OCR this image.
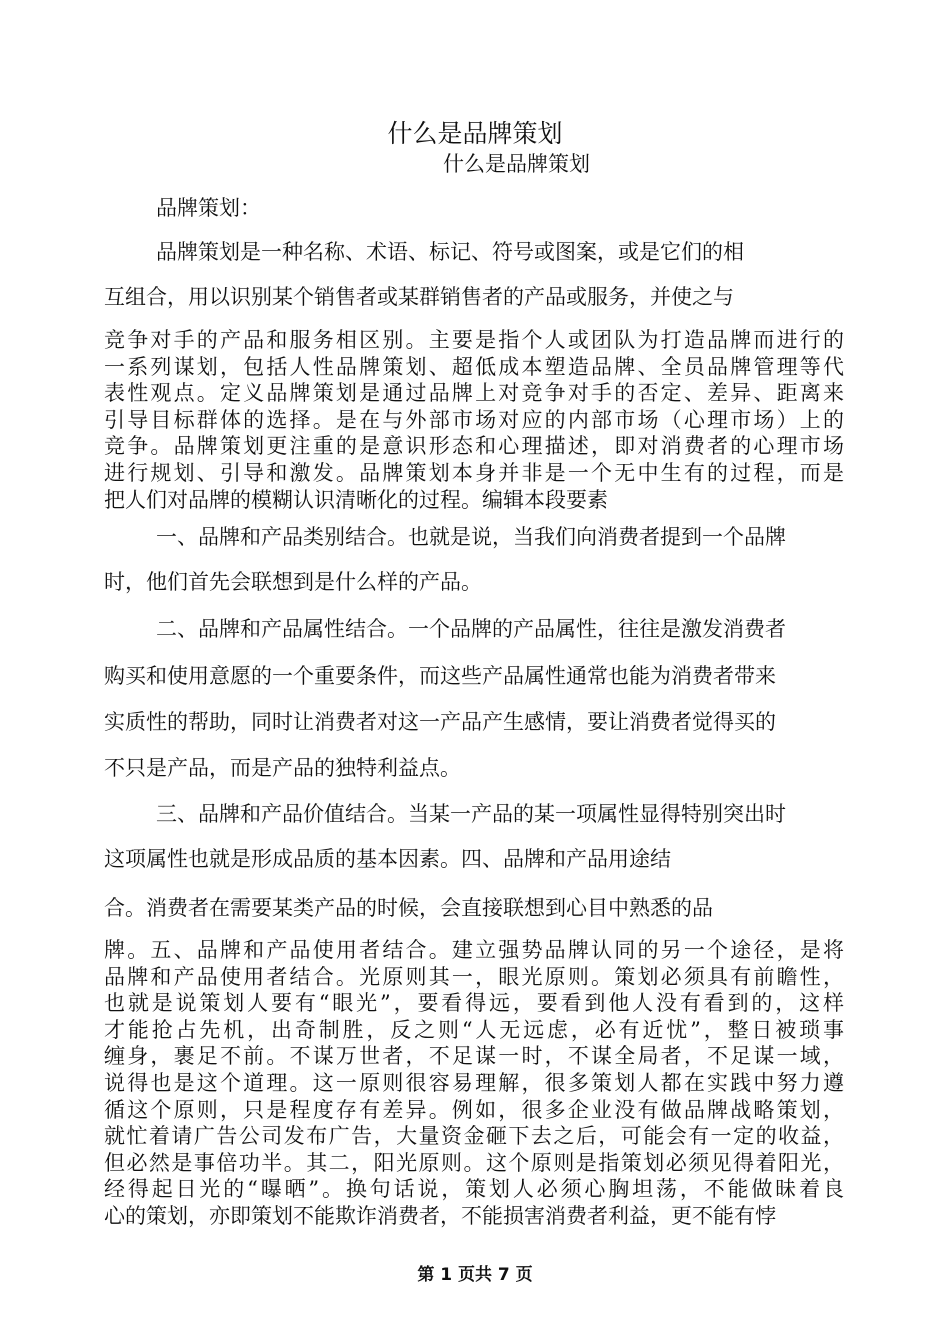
什么是品牌策划
什么是品牌策划
品牌策划：
品牌策划是一种名称、术语、标记、符号或图案，或是它们的相
互组合，用以识别某个销售者或某群销售者的产品或服务，并使之与
竞争对手的产品和服务相区别。主要是指个人或团队为打造品牌而进行的
一系列谋划，包括人性品牌策划、超低成本塑造品牌、全员品牌管理等代
表性观点。定义品牌策划是通过品牌上对竞争对手的否定、差异、距离来
引导目标群体的选择。是在与外部市场对应的内部市场（心理市场）上的
竞争。品牌策划更注重的是意识形态和心理描述，即对消费者的心理市场
进行规划、引导和激发。品牌策划本身并非是一个无中生有的过程，而是
把人们对品牌的模糊认识清晰化的过程。编辑本段要素
一、品牌和产品类别结合。也就是说，当我们向消费者提到一个品牌
时，他们首先会联想到是什么样的产品。
二、品牌和产品属性结合。一个品牌的产品属性，往往是激发消费者
购买和使用意愿的一个重要条件，而这些产品属性通常也能为消费者带来
实质性的帮助，同时让消费者对这一产品产生感情，要让消费者觉得买的
不只是产品，而是产品的独特利益点。
三、品牌和产品价值结合。当某一产品的某一项属性显得特别突出时
这项属性也就是形成品质的基本因素。四、品牌和产品用途结
合。消费者在需要某类产品的时候，会直接联想到心目中熟悉的品
牌。五、品牌和产品使用者结合。建立强势品牌认同的另一个途径，是将
品牌和产品使用者结合。光原则其一，眼光原则。策划必须具有前瞻性，
也就是说策划人要有“眼光”，要看得远，要看到他人没有看到的，这样
才能抢占先机，出奇制胜，反之则“人无远虑，必有近忧”，整日被琐事
缠身，裹足不前。不谋万世者，不足谋一时，不谋全局者，不足谋一域，
说得也是这个道理。这一原则很容易理解，很多策划人都在实践中努力遵
循这个原则，只是程度存有差异。例如，很多企业没有做品牌战略策划，
就忙着请广告公司发布广告，大量资金砸下去之后，可能会有一定的收益，
但必然是事倍功半。其二，阳光原则。这个原则是指策划必须见得着阳光，
经得起日光的“曝晒”。换句话说，策划人必须心胸坦荡，不能做昧着良
心的策划，亦即策划不能欺诈消费者，不能损害消费者利益，更不能有悖
第 1 页共 7 页
